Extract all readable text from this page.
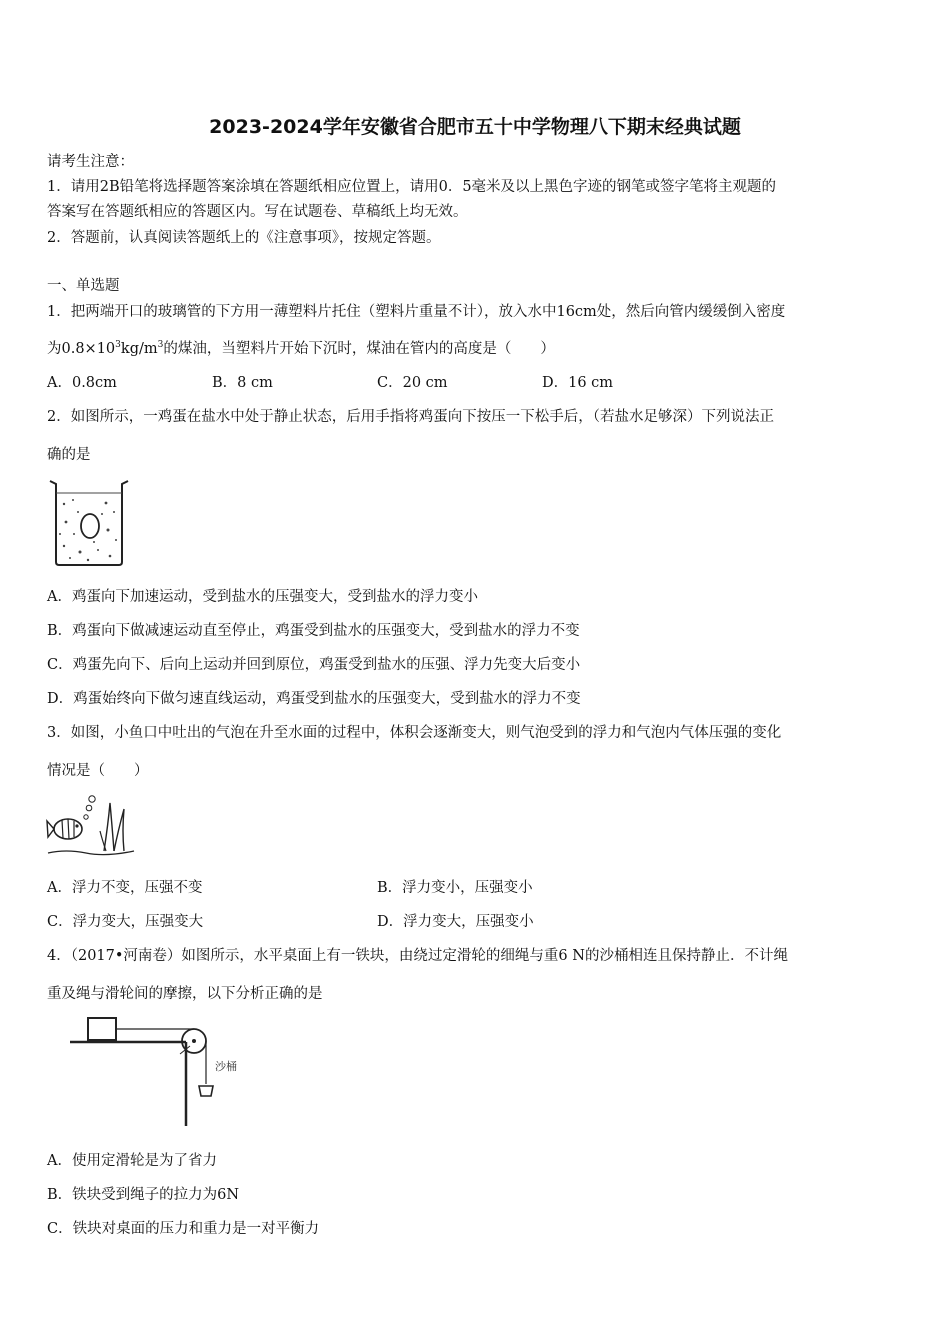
2023-2024学年安徽省合肥市五十中学物理八下期末经典试题
请考生注意：
1．请用2B铅笔将选择题答案涂填在答题纸相应位置上，请用0．5毫米及以上黑色字迹的钢笔或签字笔将主观题的
答案写在答题纸相应的答题区内。写在试题卷、草稿纸上均无效。
2．答题前，认真阅读答题纸上的《注意事项》，按规定答题。
一、单选题
1．把两端开口的玻璃管的下方用一薄塑料片托住（塑料片重量不计），放入水中16cm处，然后向管内缓缓倒入密度
为$0.8\times 10^3kg/m^3$的煤油，当塑料片开始下沉时，煤油在管内的高度是（　　）
A．0.8cm	B．8 cm	C．20 cm	D．16 cm
2．如图所示，一鸡蛋在盐水中处于静止状态，后用手指将鸡蛋向下按压一下松手后，（若盐水足够深）下列说法正
确的是
A．鸡蛋向下加速运动，受到盐水的压强变大，受到盐水的浮力变小
B．鸡蛋向下做减速运动直至停止，鸡蛋受到盐水的压强变大，受到盐水的浮力不变
C．鸡蛋先向下、后向上运动并回到原位，鸡蛋受到盐水的压强、浮力先变大后变小
D．鸡蛋始终向下做匀速直线运动，鸡蛋受到盐水的压强变大，受到盐水的浮力不变
3．如图，小鱼口中吐出的气泡在升至水面的过程中，体积会逐渐变大，则气泡受到的浮力和气泡内气体压强的变化
情况是（　　）
A．浮力不变，压强不变	B．浮力变小，压强变小
C．浮力变大，压强变大	D．浮力变大，压强变小
4．（2017•河南卷）如图所示，水平桌面上有一铁块，由绕过定滑轮的细绳与重6 N的沙桶相连且保持静止．不计绳
重及绳与滑轮间的摩擦，以下分析正确的是
沙桶
A．使用定滑轮是为了省力
B．铁块受到绳子的拉力为6N
C．铁块对桌面的压力和重力是一对平衡力
